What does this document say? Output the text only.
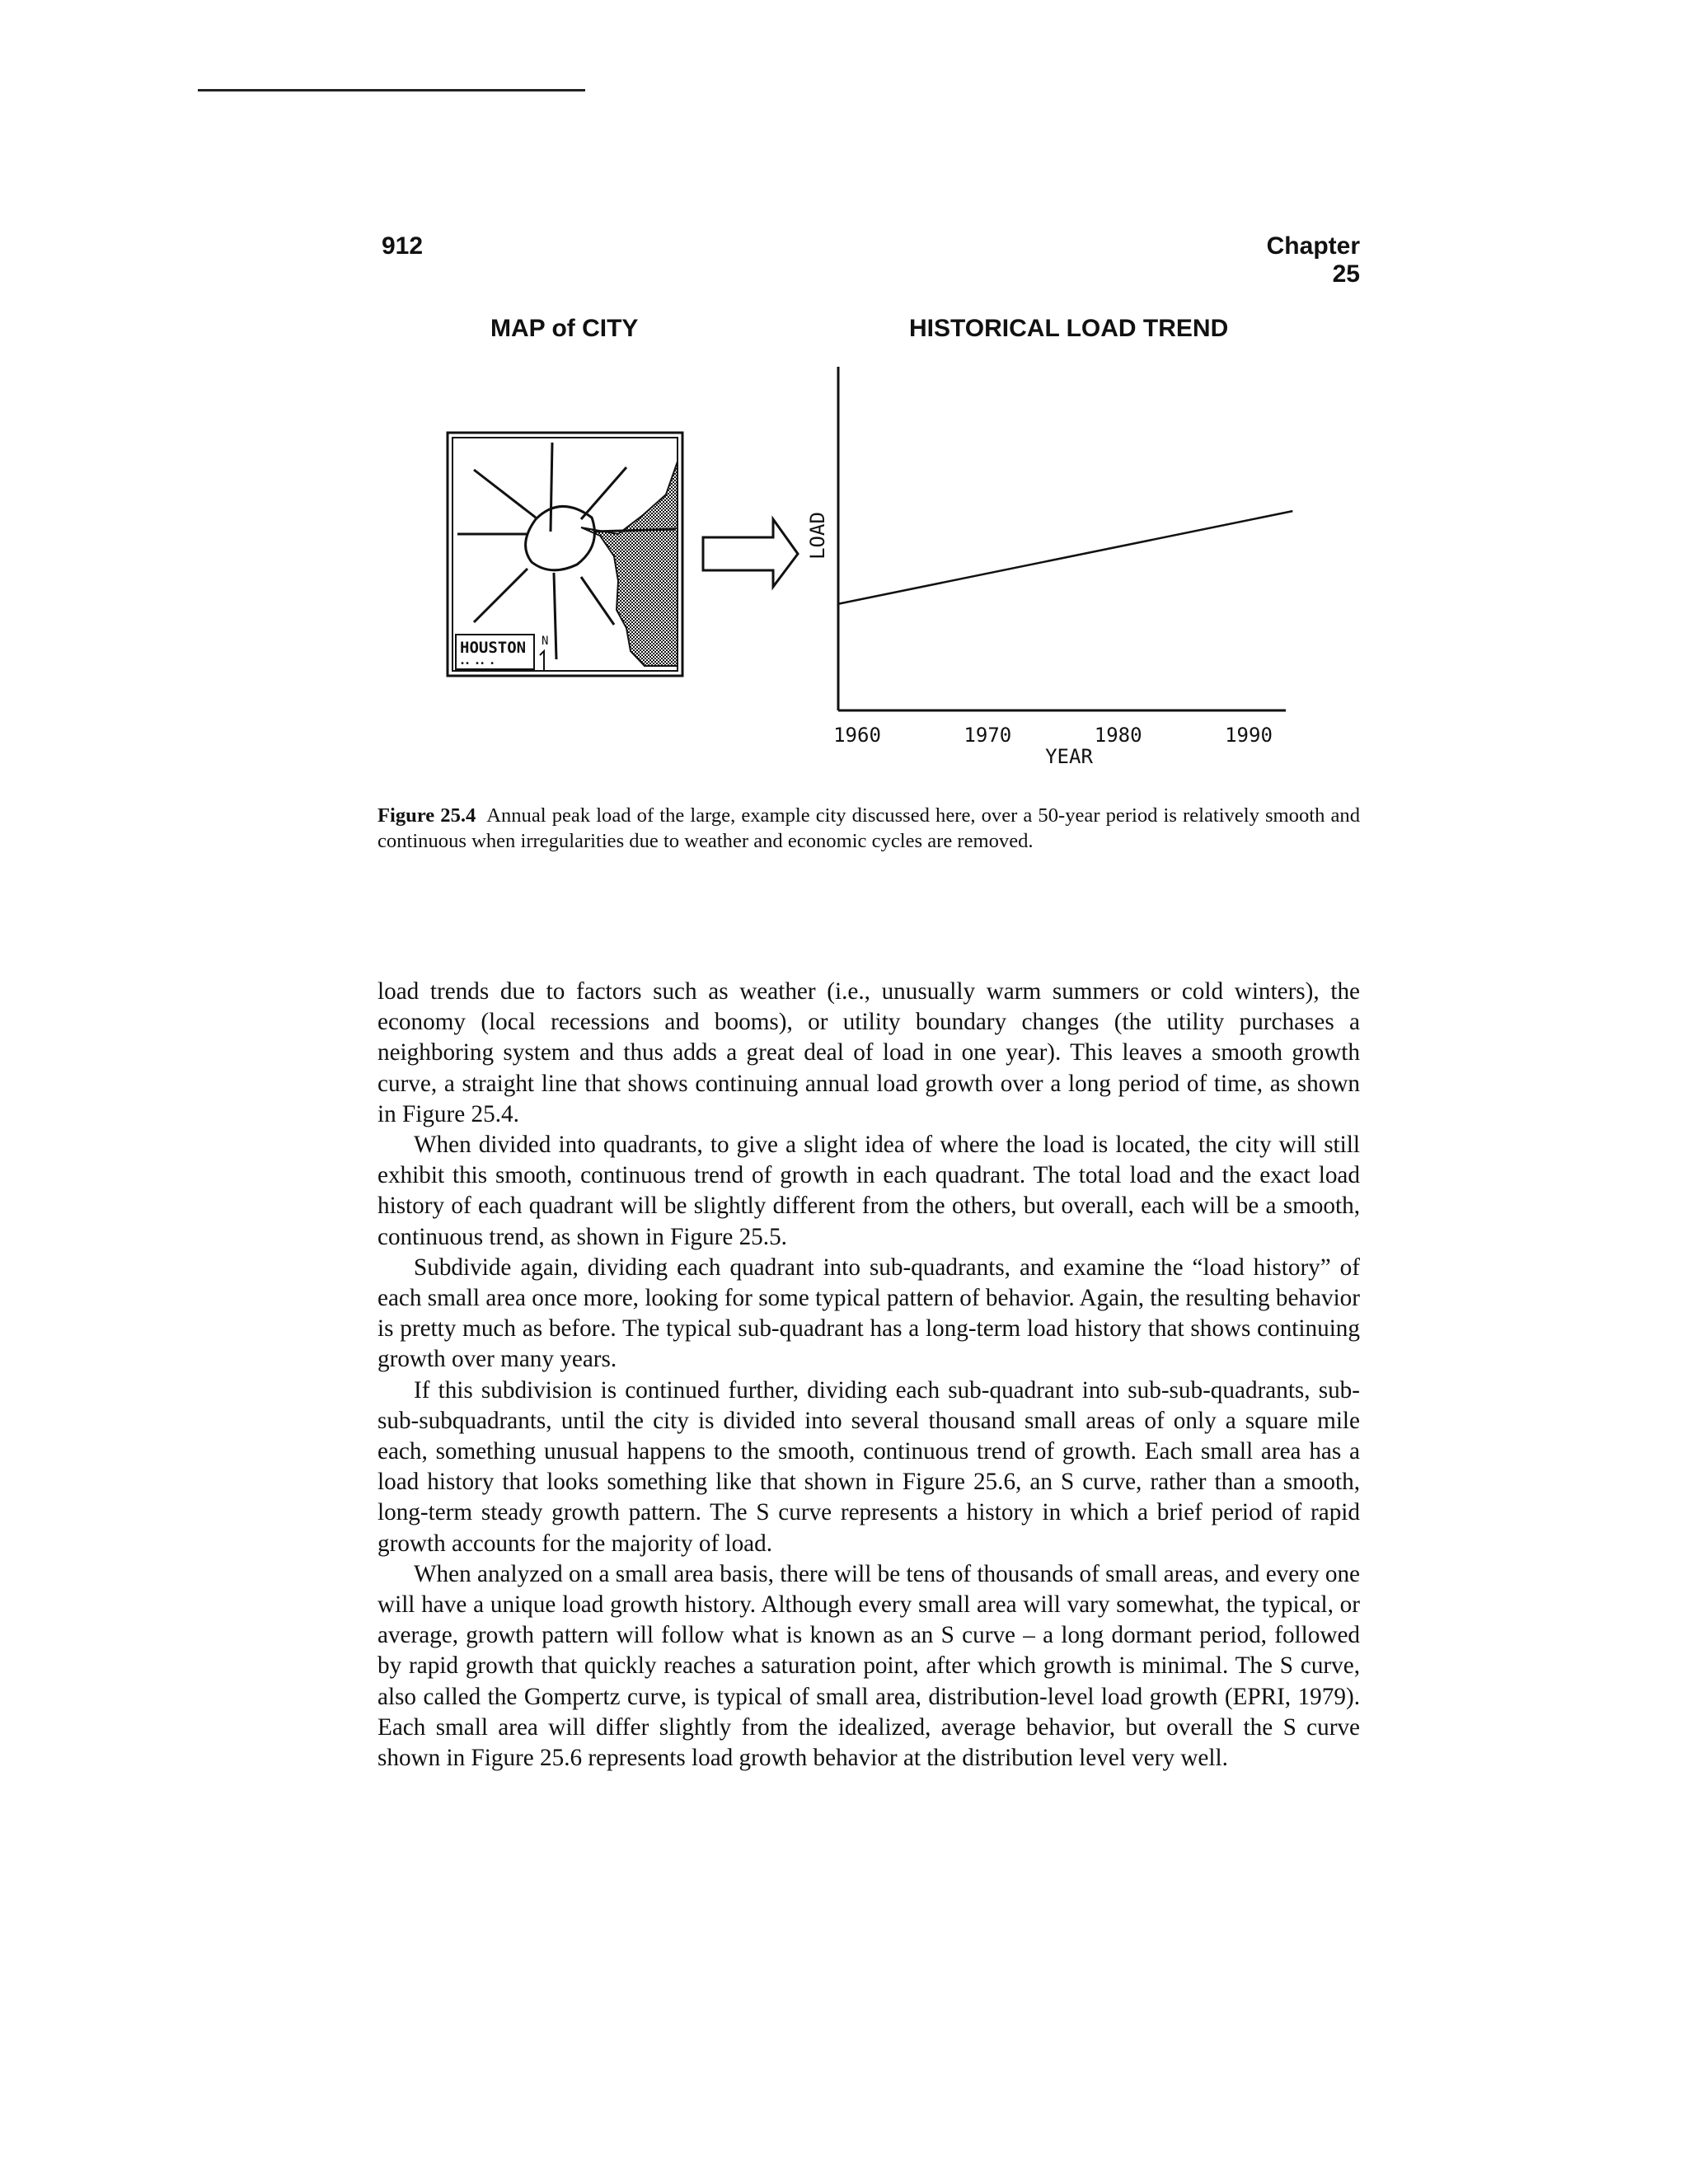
912	Chapter 25
MAP of CITY	HISTORICAL LOAD TREND
HOUSTON
•• •• •
N
LOAD
YEAR
1960	1970	1980	1990
Figure 25.4 Annual peak load of the large, example city discussed here, over a 50-year period is relatively smooth and continuous when irregularities due to weather and economic cycles are removed.

load trends due to factors such as weather (i.e., unusually warm summers or cold winters), the economy (local recessions and booms), or utility boundary changes (the utility purchases a neighboring system and thus adds a great deal of load in one year). This leaves a smooth growth curve, a straight line that shows continuing annual load growth over a long period of time, as shown in Figure 25.4.

When divided into quadrants, to give a slight idea of where the load is located, the city will still exhibit this smooth, continuous trend of growth in each quadrant. The total load and the exact load history of each quadrant will be slightly different from the others, but overall, each will be a smooth, continuous trend, as shown in Figure 25.5.

Subdivide again, dividing each quadrant into sub-quadrants, and examine the “load history” of each small area once more, looking for some typical pattern of behavior. Again, the resulting behavior is pretty much as before. The typical sub-quadrant has a long-term load history that shows continuing growth over many years.

If this subdivision is continued further, dividing each sub-quadrant into sub-sub-quadrants, sub-sub-subquadrants, until the city is divided into several thousand small areas of only a square mile each, something unusual happens to the smooth, continuous trend of growth. Each small area has a load history that looks something like that shown in Figure 25.6, an S curve, rather than a smooth, long-term steady growth pattern. The S curve represents a history in which a brief period of rapid growth accounts for the majority of load.

When analyzed on a small area basis, there will be tens of thousands of small areas, and every one will have a unique load growth history. Although every small area will vary somewhat, the typical, or average, growth pattern will follow what is known as an S curve – a long dormant period, followed by rapid growth that quickly reaches a saturation point, after which growth is minimal. The S curve, also called the Gompertz curve, is typical of small area, distribution-level load growth (EPRI, 1979). Each small area will differ slightly from the idealized, average behavior, but overall the S curve shown in Figure 25.6 represents load growth behavior at the distribution level very well.
